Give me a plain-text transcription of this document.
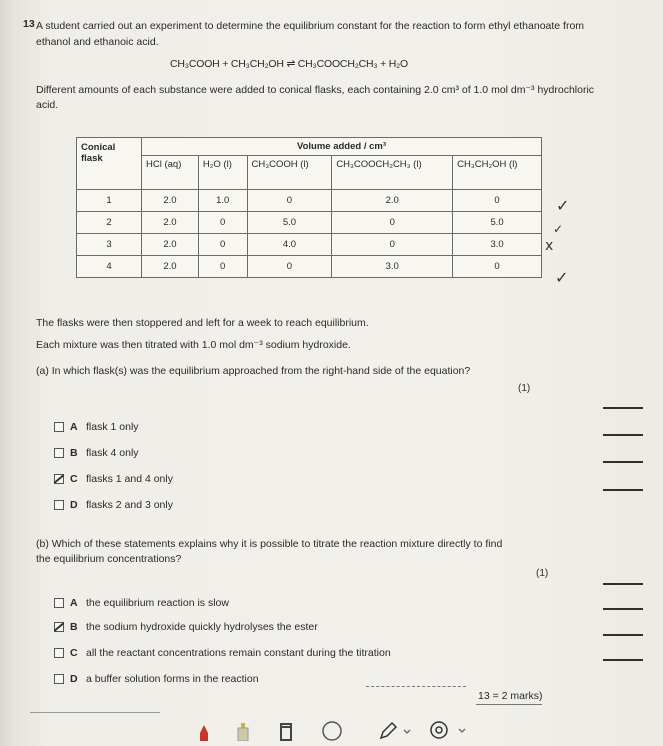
13 A student carried out an experiment to determine the equilibrium constant for the reaction to form ethyl ethanoate from ethanol and ethanoic acid.
CH₃COOH + CH₃CH₂OH ⇌ CH₃COOCH₂CH₃ + H₂O
Different amounts of each substance were added to conical flasks, each containing 2.0 cm³ of 1.0 mol dm⁻³ hydrochloric acid.
Conical flask	Volume added / cm³				
	HCl (aq)	H₂O (l)	CH₃COOH (l)	CH₃COOCH₂CH₃ (l)	CH₃CH₂OH (l)
1	2.0	1.0	0	2.0	0
2	2.0	0	5.0	0	5.0
3	2.0	0	4.0	0	3.0
4	2.0	0	0	3.0	0
✓
✓
x
✓
The flasks were then stoppered and left for a week to reach equilibrium.
Each mixture was then titrated with 1.0 mol dm⁻³ sodium hydroxide.
(a) In which flask(s) was the equilibrium approached from the right-hand side of the equation?
(1)
A flask 1 only
B flask 4 only
C flasks 1 and 4 only
D flasks 2 and 3 only
(b) Which of these statements explains why it is possible to titrate the reaction mixture directly to find the equilibrium concentrations?
(1)
A the equilibrium reaction is slow
B the sodium hydroxide quickly hydrolyses the ester
C all the reactant concentrations remain constant during the titration
D a buffer solution forms in the reaction
13 = 2 marks)
